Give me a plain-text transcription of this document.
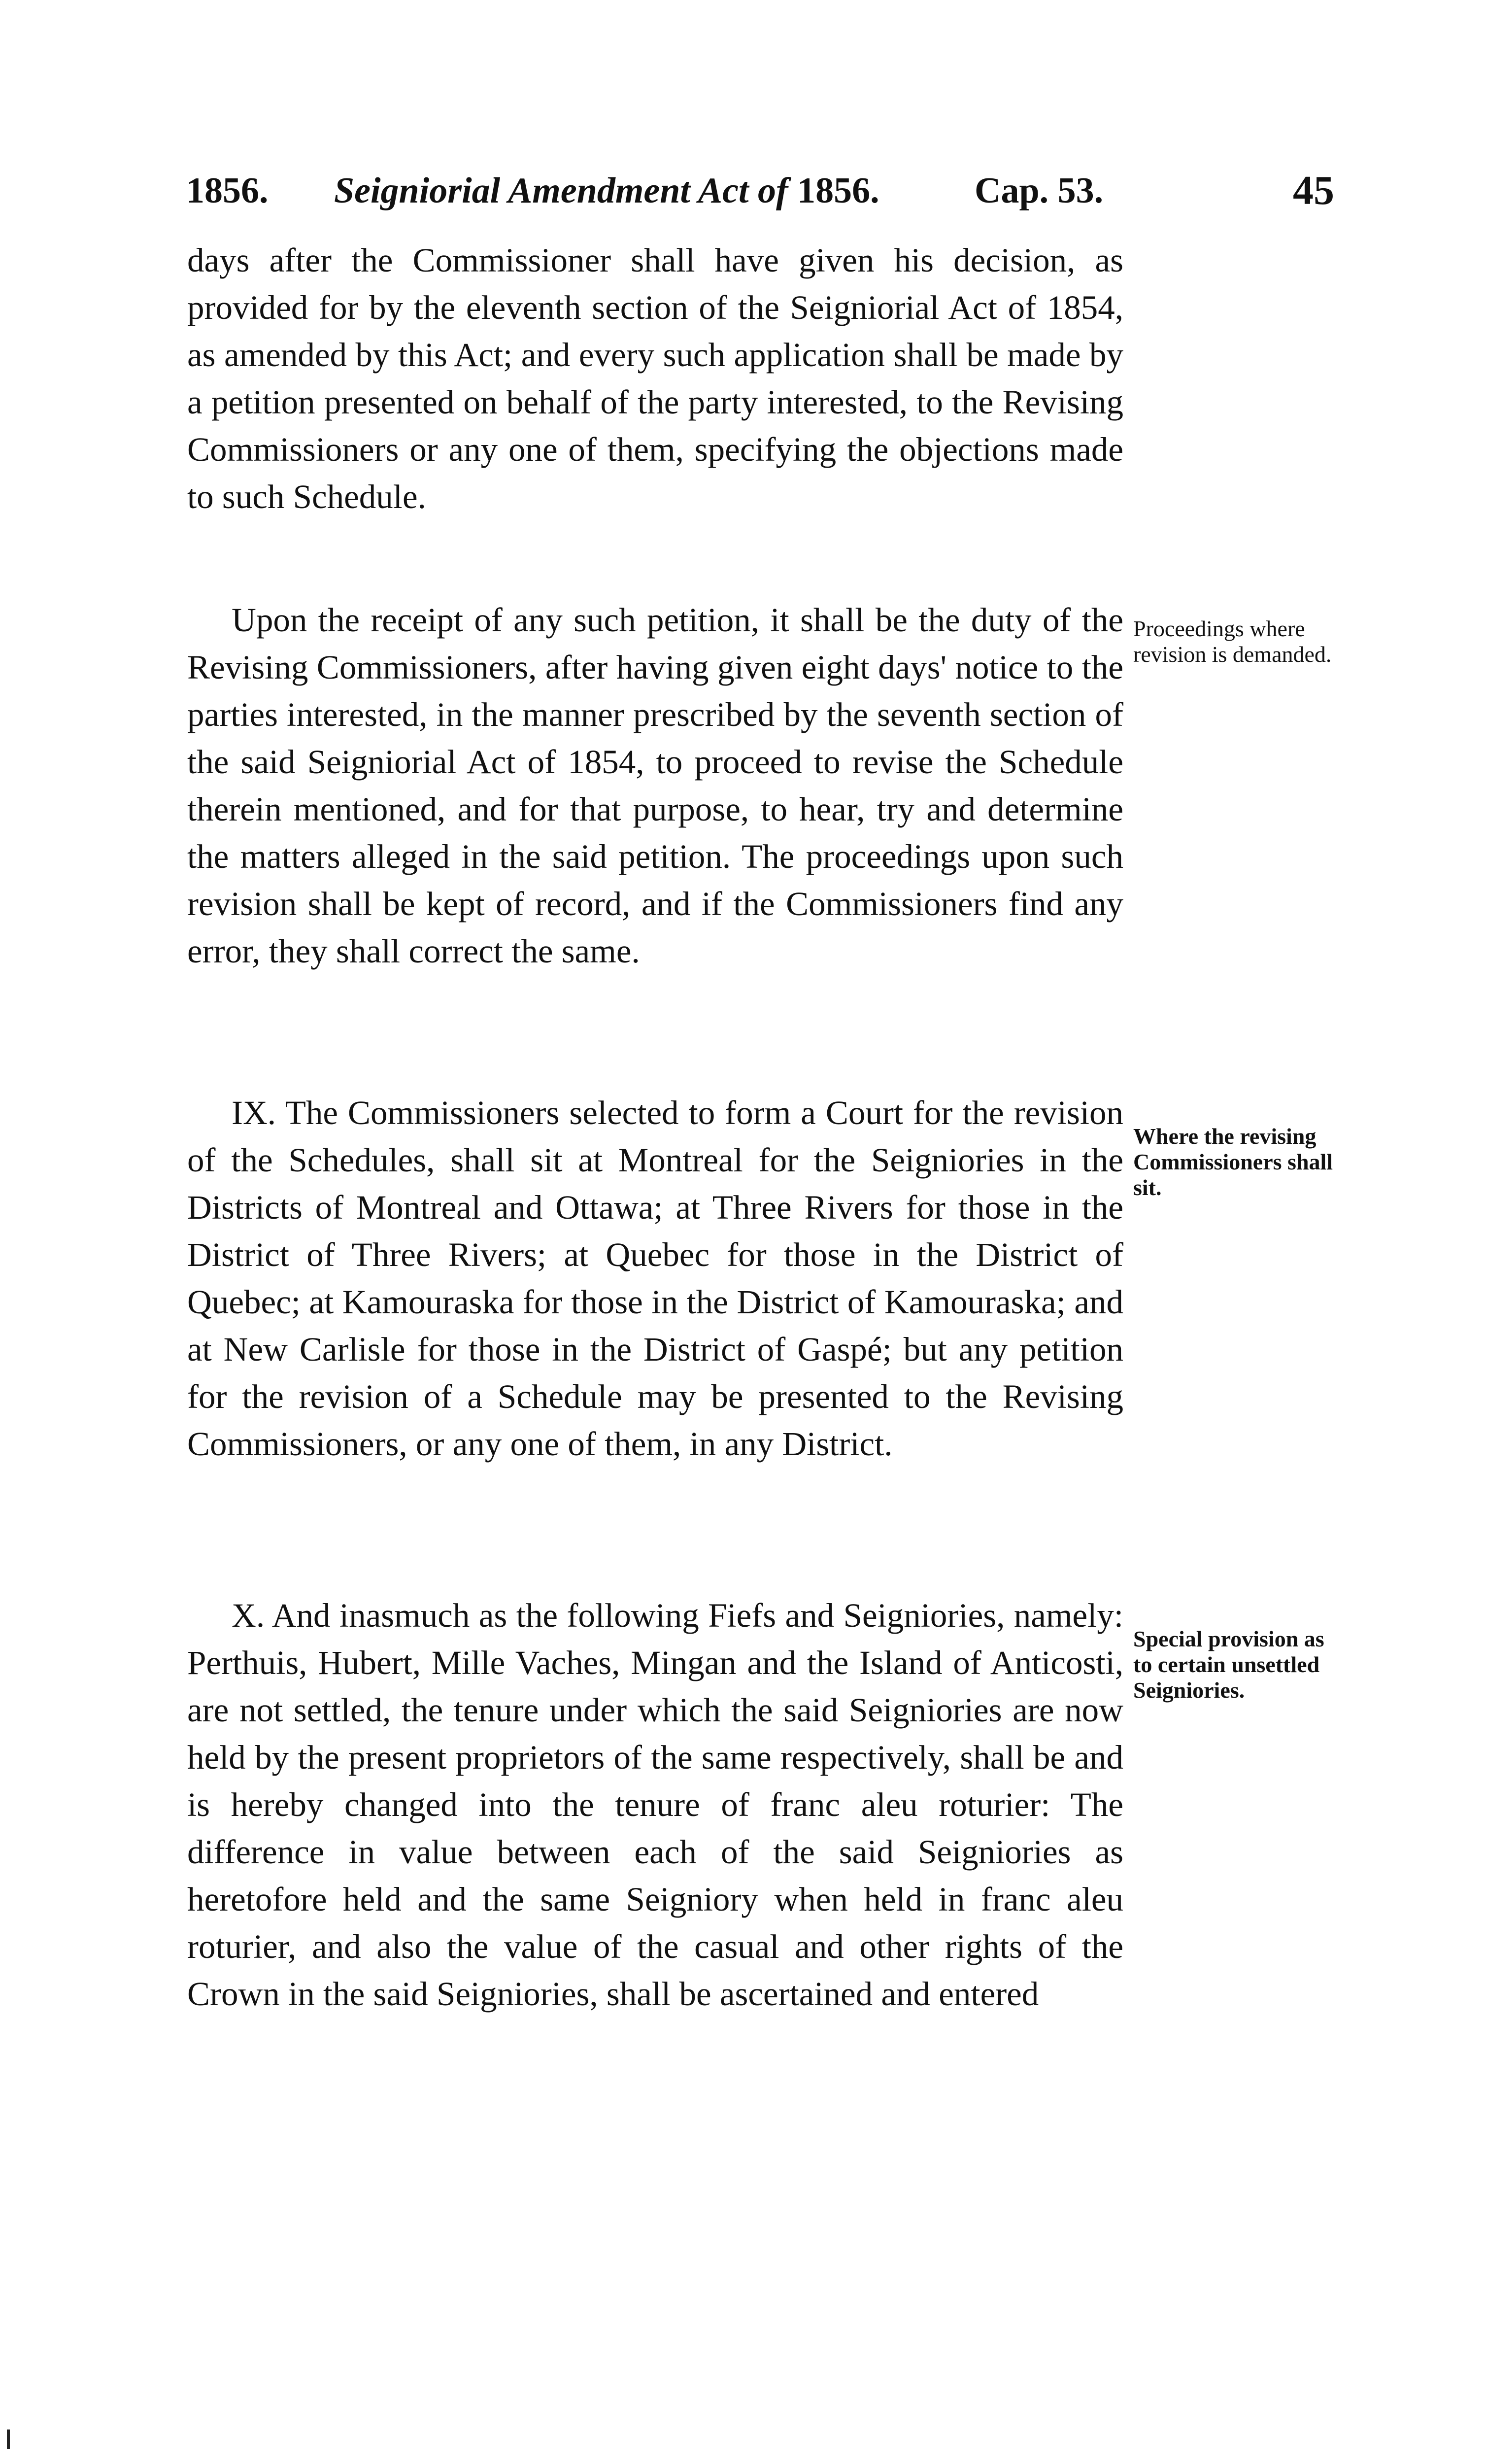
1856. Seigniorial Amendment Act of 1856.	Cap. 53.	45
days after the Commissioner shall have given his decision, as provided for by the eleventh section of the Seigniorial Act of 1854, as amended by this Act; and every such application shall be made by a petition presented on behalf of the party interested, to the Revising Commissioners or any one of them, specifying the objections made to such Schedule.
Upon the receipt of any such petition, it shall be the duty of the Revising Commissioners, after having given eight days' notice to the parties interested, in the manner prescribed by the seventh section of the said Seigniorial Act of 1854, to proceed to revise the Schedule therein mentioned, and for that purpose, to hear, try and determine the matters alleged in the said petition. The proceedings upon such revision shall be kept of record, and if the Commissioners find any error, they shall correct the same.
IX. The Commissioners selected to form a Court for the revision of the Schedules, shall sit at Montreal for the Seigniories in the Districts of Montreal and Ottawa; at Three Rivers for those in the District of Three Rivers; at Quebec for those in the District of Quebec; at Kamouraska for those in the District of Kamouraska; and at New Carlisle for those in the District of Gaspé; but any petition for the revision of a Schedule may be presented to the Revising Commissioners, or any one of them, in any District.
X. And inasmuch as the following Fiefs and Seigniories, namely: Perthuis, Hubert, Mille Vaches, Mingan and the Island of Anticosti, are not settled, the tenure under which the said Seigniories are now held by the present proprietors of the same respectively, shall be and is hereby changed into the tenure of franc aleu roturier: The difference in value between each of the said Seigniories as heretofore held and the same Seigniory when held in franc aleu roturier, and also the value of the casual and other rights of the Crown in the said Seigniories, shall be ascertained and entered
Proceedings where revision is demanded.
Where the revising Commissioners shall sit.
Special provision as to certain unsettled Seigniories.
